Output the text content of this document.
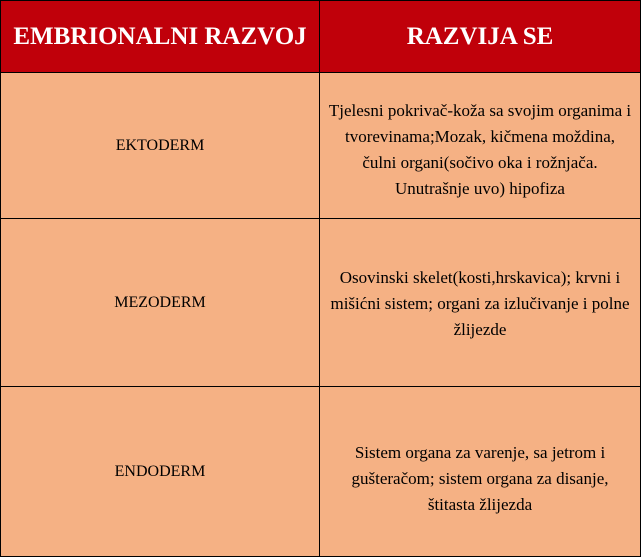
EMBRIONALNI RAZVOJ	RAZVIJA SE
EKTODERM	Tjelesni pokrivač-koža sa svojim organima i tvorevinama;Mozak, kičmena moždina, čulni organi(sočivo oka i rožnjača. Unutrašnje uvo) hipofiza

MEZODERM	Osovinski skelet(kosti,hrskavica); krvni i mišićni sistem; organi za izlučivanje i polne žlijezde

ENDODERM	Sistem organa za varenje, sa jetrom i gušteračom; sistem organa za disanje, štitasta žlijezda
